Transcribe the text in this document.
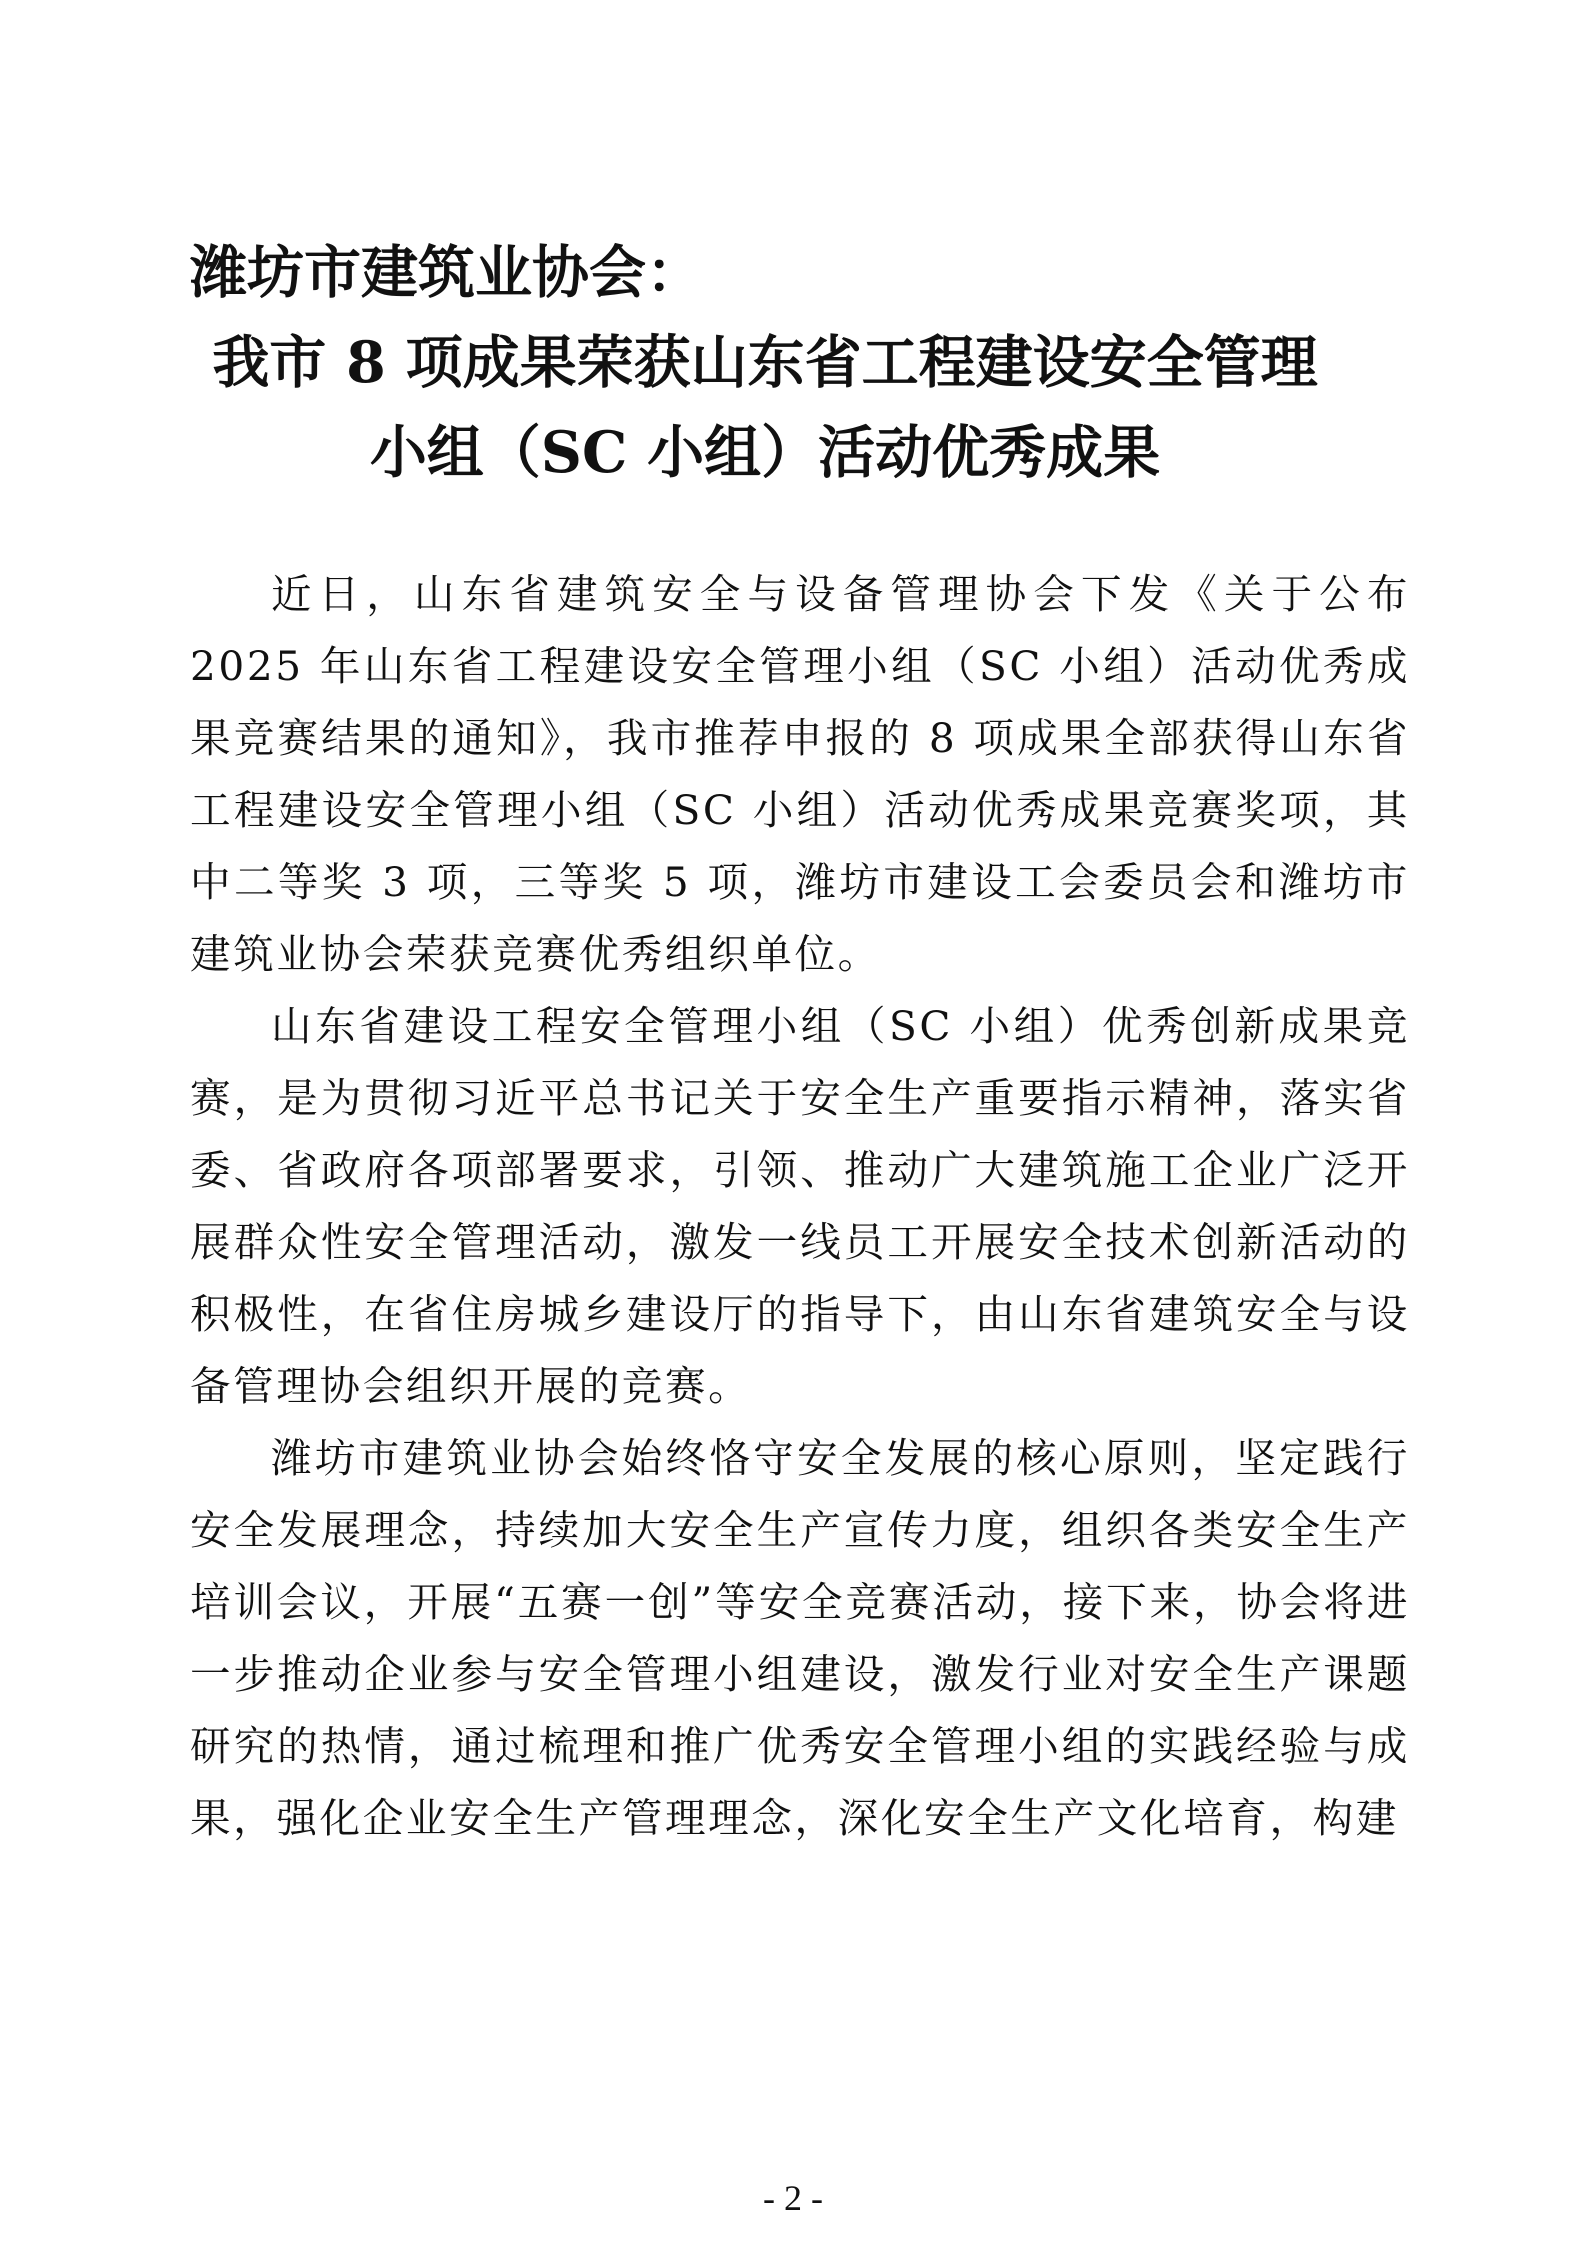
潍坊市建筑业协会：
我市 8 项成果荣获山东省工程建设安全管理
小组（SC 小组）活动优秀成果

近日，山东省建筑安全与设备管理协会下发《关于公布 2025 年山东省工程建设安全管理小组（SC 小组）活动优秀成果竞赛结果的通知》，我市推荐申报的 8 项成果全部获得山东省工程建设安全管理小组（SC 小组）活动优秀成果竞赛奖项，其中二等奖 3 项，三等奖 5 项，潍坊市建设工会委员会和潍坊市建筑业协会荣获竞赛优秀组织单位。

山东省建设工程安全管理小组（SC 小组）优秀创新成果竞赛，是为贯彻习近平总书记关于安全生产重要指示精神，落实省委、省政府各项部署要求，引领、推动广大建筑施工企业广泛开展群众性安全管理活动，激发一线员工开展安全技术创新活动的积极性，在省住房城乡建设厅的指导下，由山东省建筑安全与设备管理协会组织开展的竞赛。

潍坊市建筑业协会始终恪守安全发展的核心原则，坚定践行安全发展理念，持续加大安全生产宣传力度，组织各类安全生产培训会议，开展“五赛一创”等安全竞赛活动，接下来，协会将进一步推动企业参与安全管理小组建设，激发行业对安全生产课题研究的热情，通过梳理和推广优秀安全管理小组的实践经验与成果，强化企业安全生产管理理念，深化安全生产文化培育，构建

- 2 -
